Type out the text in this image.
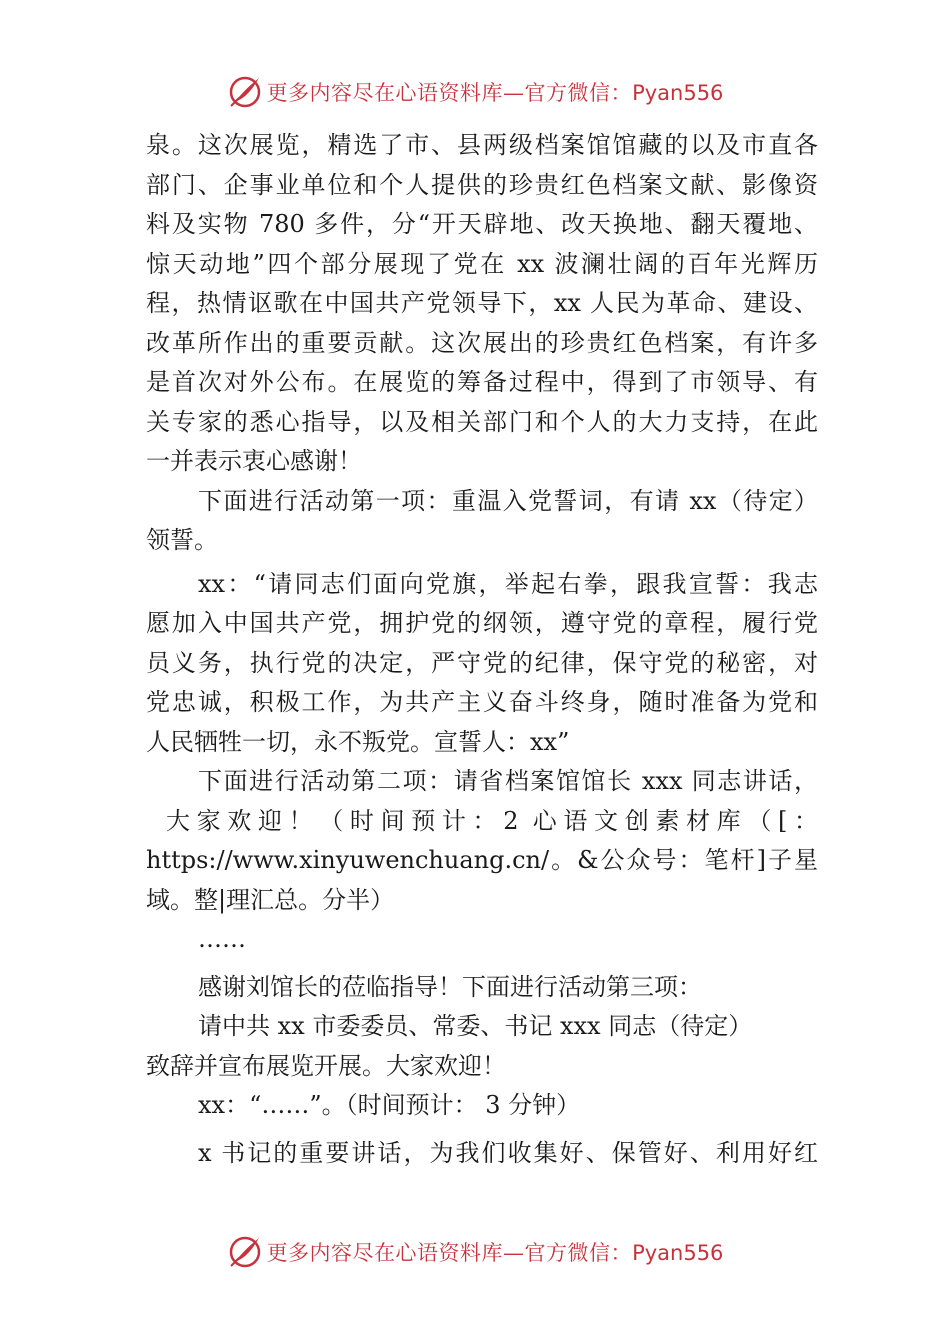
更多内容尽在心语资料库—官方微信：Pyan556

泉。这次展览，精选了市、县两级档案馆馆藏的以及市直各

部门、企事业单位和个人提供的珍贵红色档案文献、影像资

料及实物 780 多件，分“开天辟地、改天换地、翻天覆地、

惊天动地”四个部分展现了党在 xx 波澜壮阔的百年光辉历

程，热情讴歌在中国共产党领导下，xx 人民为革命、建设、

改革所作出的重要贡献。这次展出的珍贵红色档案，有许多

是首次对外公布。在展览的筹备过程中，得到了市领导、有

关专家的悉心指导，以及相关部门和个人的大力支持，在此

一并表示衷心感谢！

下面进行活动第一项：重温入党誓词，有请 xx（待定）

领誓。

xx：“请同志们面向党旗，举起右拳，跟我宣誓：我志

愿加入中国共产党，拥护党的纲领，遵守党的章程，履行党

员义务，执行党的决定，严守党的纪律，保守党的秘密，对

党忠诚，积极工作，为共产主义奋斗终身，随时准备为党和

人民牺牲一切，永不叛党。宣誓人：xx”

下面进行活动第二项：请省档案馆馆长 xxx 同志讲话，

大家欢迎！（时间预计：2 心语文创素材库（[：

https://www.xinyuwenchuang.cn/。&公众号：笔杆]子星

域。整|理汇总。分半）

……

感谢刘馆长的莅临指导！下面进行活动第三项：

请中共 xx 市委委员、常委、书记 xxx 同志（待定）

致辞并宣布展览开展。大家欢迎！

xx：“……”。（时间预计： 3 分钟）

x 书记的重要讲话，为我们收集好、保管好、利用好红

更多内容尽在心语资料库—官方微信：Pyan556
